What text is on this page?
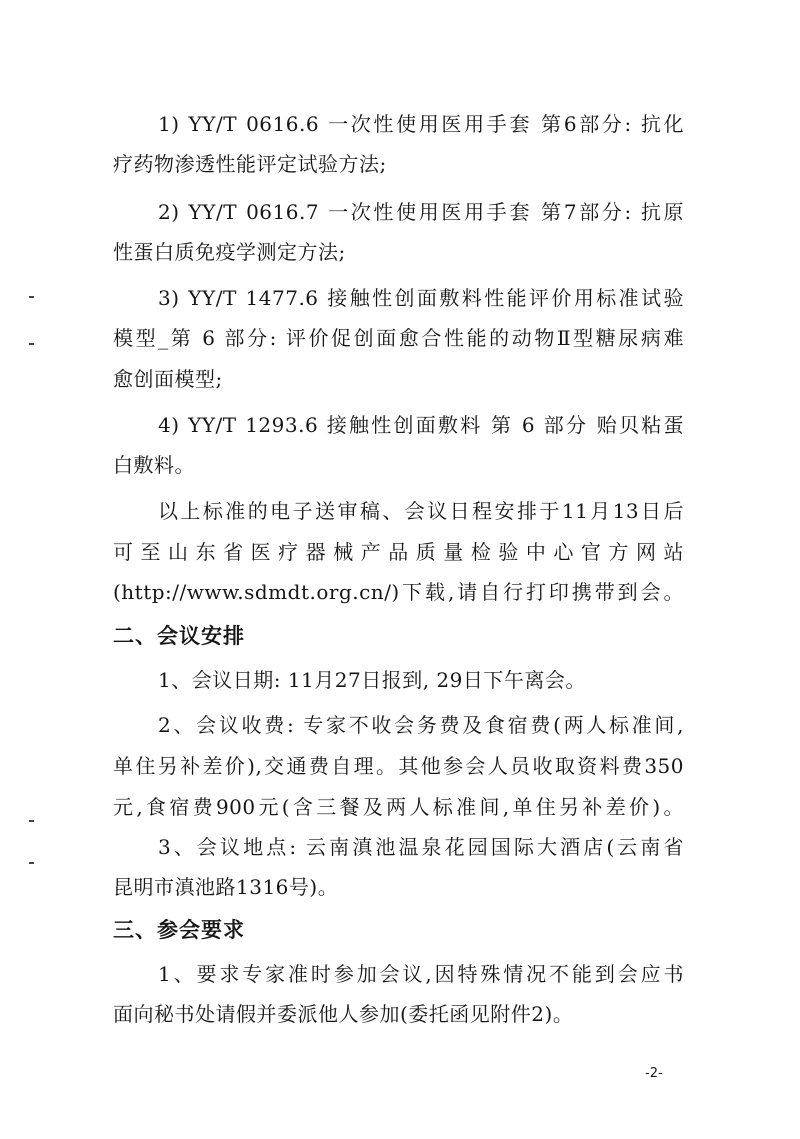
1) YY/T 0616.6 一次性使用医用手套 第6部分: 抗化
疗药物渗透性能评定试验方法;
2) YY/T 0616.7 一次性使用医用手套 第7部分: 抗原
性蛋白质免疫学测定方法;
3) YY/T 1477.6 接触性创面敷料性能评价用标准试验
模型_第 6 部分: 评价促创面愈合性能的动物Ⅱ型糖尿病难
愈创面模型;
4) YY/T 1293.6 接触性创面敷料 第 6 部分 贻贝粘蛋
白敷料。
以上标准的电子送审稿、会议日程安排于11月13日后
可至山东省医疗器械产品质量检验中心官方网站
(http://www.sdmdt.org.cn/)下载,请自行打印携带到会。
二、会议安排
1、会议日期: 11月27日报到, 29日下午离会。
2、会议收费: 专家不收会务费及食宿费(两人标准间,
单住另补差价),交通费自理。其他参会人员收取资料费350
元,食宿费900元(含三餐及两人标准间,单住另补差价)。
3、会议地点: 云南滇池温泉花园国际大酒店(云南省
昆明市滇池路1316号)。
三、参会要求
1、要求专家准时参加会议,因特殊情况不能到会应书
面向秘书处请假并委派他人参加(委托函见附件2)。
-2-
